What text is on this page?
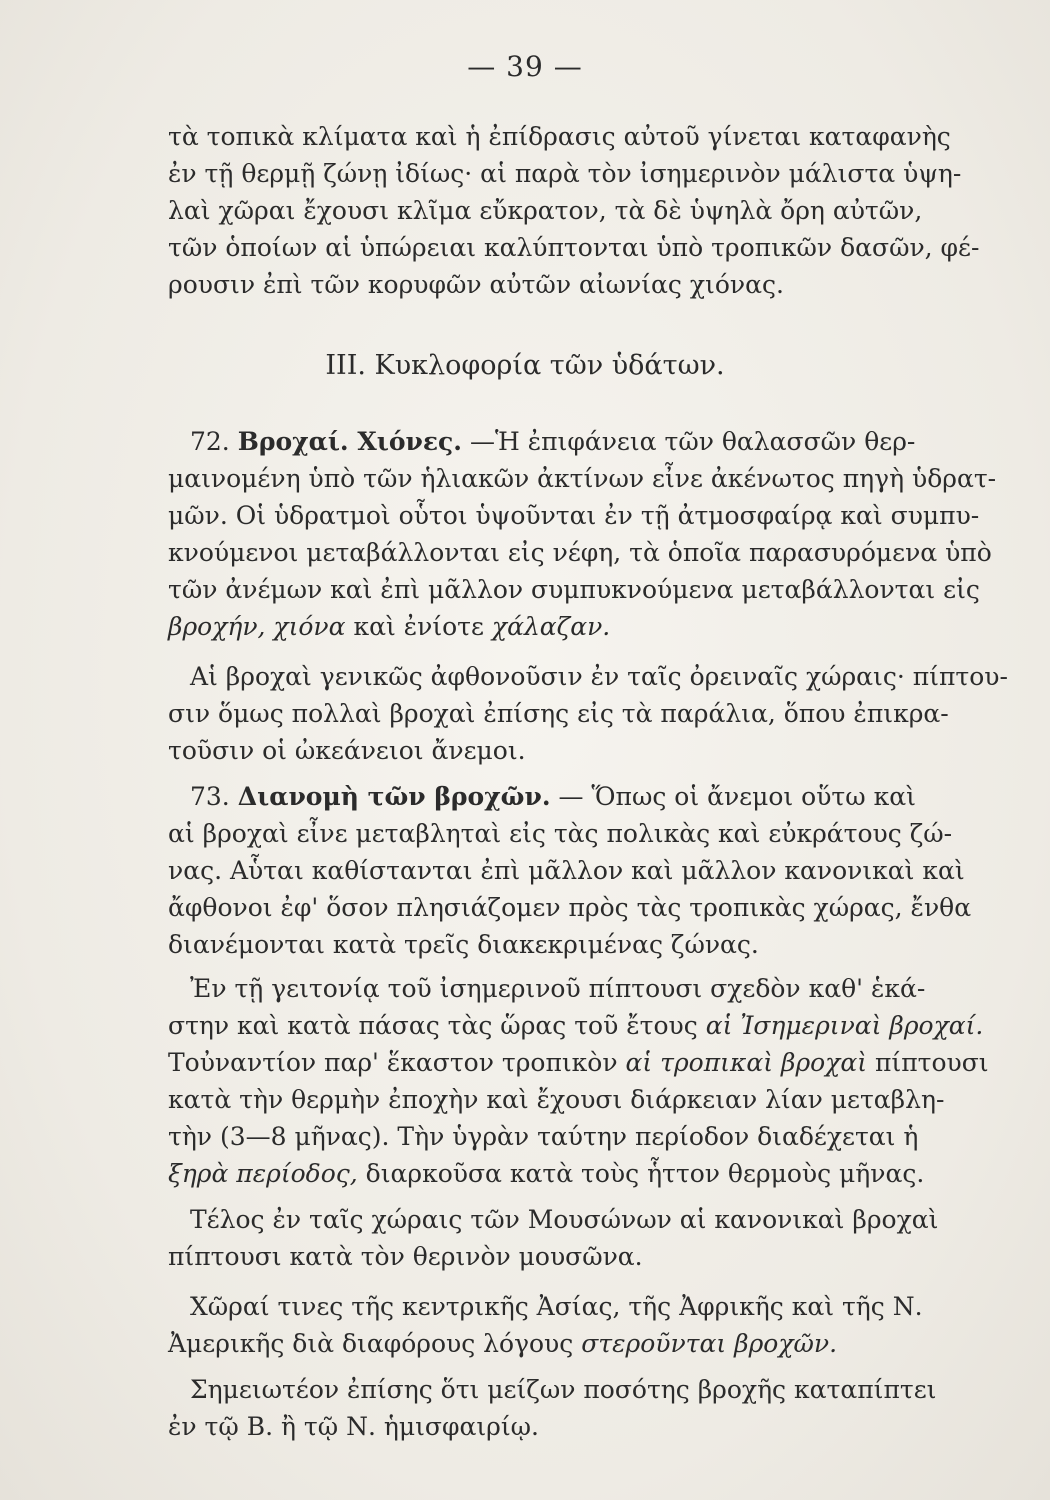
— 39 —
τὰ τοπικὰ κλίματα καὶ ἡ ἐπίδρασις αὐτοῦ γίνεται καταφανὴς
ἐν τῇ θερμῇ ζώνῃ ἰδίως· αἱ παρὰ τὸν ἰσημερινὸν μάλιστα ὑψη-
λαὶ χῶραι ἔχουσι κλῖμα εὔκρατον, τὰ δὲ ὑψηλὰ ὄρη αὐτῶν,
τῶν ὁποίων αἱ ὑπώρειαι καλύπτονται ὑπὸ τροπικῶν δασῶν, φέ-
ρουσιν ἐπὶ τῶν κορυφῶν αὐτῶν αἰωνίας χιόνας.
III. Κυκλοφορία τῶν ὑδάτων.
72. Βροχαί. Χιόνες. —Ἡ ἐπιφάνεια τῶν θαλασσῶν θερ-
μαινομένη ὑπὸ τῶν ἡλιακῶν ἀκτίνων εἶνε ἀκένωτος πηγὴ ὑδρατ-
μῶν. Οἱ ὑδρατμοὶ οὗτοι ὑψοῦνται ἐν τῇ ἀτμοσφαίρᾳ καὶ συμπυ-
κνούμενοι μεταβάλλονται εἰς νέφη, τὰ ὁποῖα παρασυρόμενα ὑπὸ
τῶν ἀνέμων καὶ ἐπὶ μᾶλλον συμπυκνούμενα μεταβάλλονται εἰς
βροχήν, χιόνα καὶ ἐνίοτε χάλαζαν.
Αἱ βροχαὶ γενικῶς ἀφθονοῦσιν ἐν ταῖς ὀρειναῖς χώραις· πίπτου-
σιν ὅμως πολλαὶ βροχαὶ ἐπίσης εἰς τὰ παράλια, ὅπου ἐπικρα-
τοῦσιν οἱ ὠκεάνειοι ἄνεμοι.
73. Διανομὴ τῶν βροχῶν. — Ὅπως οἱ ἄνεμοι οὕτω καὶ
αἱ βροχαὶ εἶνε μεταβληταὶ εἰς τὰς πολικὰς καὶ εὐκράτους ζώ-
νας. Αὗται καθίστανται ἐπὶ μᾶλλον καὶ μᾶλλον κανονικαὶ καὶ
ἄφθονοι ἐφ' ὅσον πλησιάζομεν πρὸς τὰς τροπικὰς χώρας, ἔνθα
διανέμονται κατὰ τρεῖς διακεκριμένας ζώνας.
Ἐν τῇ γειτονίᾳ τοῦ ἰσημερινοῦ πίπτουσι σχεδὸν καθ' ἑκά-
στην καὶ κατὰ πάσας τὰς ὥρας τοῦ ἔτους αἱ Ἰσημεριναὶ βροχαί.
Τοὐναντίον παρ' ἕκαστον τροπικὸν αἱ τροπικαὶ βροχαὶ πίπτουσι
κατὰ τὴν θερμὴν ἐποχὴν καὶ ἔχουσι διάρκειαν λίαν μεταβλη-
τὴν (3—8 μῆνας). Τὴν ὑγρὰν ταύτην περίοδον διαδέχεται ἡ
ξηρὰ περίοδος, διαρκοῦσα κατὰ τοὺς ἧττον θερμοὺς μῆνας.
Τέλος ἐν ταῖς χώραις τῶν Μουσώνων αἱ κανονικαὶ βροχαὶ
πίπτουσι κατὰ τὸν θερινὸν μουσῶνα.
Χῶραί τινες τῆς κεντρικῆς Ἀσίας, τῆς Ἀφρικῆς καὶ τῆς Ν.
Ἀμερικῆς διὰ διαφόρους λόγους στεροῦνται βροχῶν.
Σημειωτέον ἐπίσης ὅτι μείζων ποσότης βροχῆς καταπίπτει
ἐν τῷ Β. ἢ τῷ Ν. ἡμισφαιρίῳ.
